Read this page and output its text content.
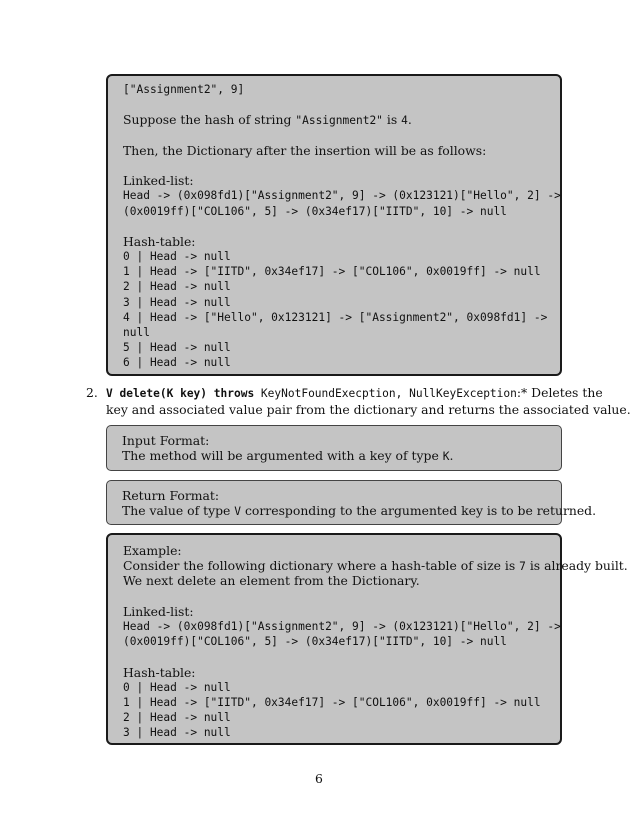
["Assignment2", 9]
Suppose the hash of string "Assignment2" is 4.
Then, the Dictionary after the insertion will be as follows:
Linked-list:
Head -> (0x098fd1)["Assignment2", 9] -> (0x123121)["Hello", 2] ->
(0x0019ff)["COL106", 5] -> (0x34ef17)["IITD", 10] -> null
Hash-table:
0 | Head -> null
1 | Head -> ["IITD", 0x34ef17] -> ["COL106", 0x0019ff] -> null
2 | Head -> null
3 | Head -> null
4 | Head -> ["Hello", 0x123121] -> ["Assignment2", 0x098fd1] ->
null
5 | Head -> null
6 | Head -> null
2. V delete(K key) throws KeyNotFoundExecption, NullKeyException:* Deletes the
key and associated value pair from the dictionary and returns the associated value.
Input Format:
The method will be argumented with a key of type K.
Return Format:
The value of type V corresponding to the argumented key is to be returned.
Example:
Consider the following dictionary where a hash-table of size is 7 is already built.
We next delete an element from the Dictionary.
Linked-list:
Head -> (0x098fd1)["Assignment2", 9] -> (0x123121)["Hello", 2] ->
(0x0019ff)["COL106", 5] -> (0x34ef17)["IITD", 10] -> null
Hash-table:
0 | Head -> null
1 | Head -> ["IITD", 0x34ef17] -> ["COL106", 0x0019ff] -> null
2 | Head -> null
3 | Head -> null
6
